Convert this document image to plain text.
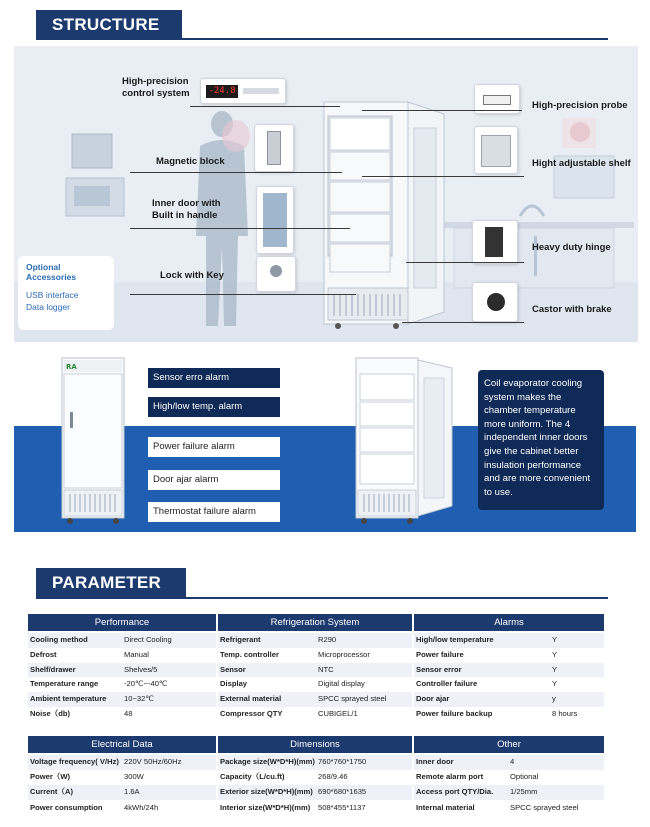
STRUCTURE
-24.8
High-precision
control system
Magnetic block
Inner door with
Built in handle
Lock with Key
High-precision probe
Hight adjustable shelf
Heavy duty hinge
Castor with brake
Optional Accessories
USB interface
Data logger
RA
Sensor erro alarm
High/low temp. alarm
Power failure alarm
Door ajar alarm
Thermostat failure alarm
Coil evaporator cooling system makes the chamber temperature more uniform. The 4 independent inner doors give the cabinet better insulation performance and are more convenient to use.
PARAMETER
Performance	Refrigeration System	Alarms
Cooling method	Direct Cooling
Defrost	Manual
Shelf/drawer	Shelves/5
Temperature range	-20℃~-40℃
Ambient temperature 10~32℃
Noise（db)	48
Refrigerant	R290
Temp. controller	Microprocessor
Sensor	NTC
Display	Digital display
External material	SPCC sprayed steel
Compressor QTY	CUBIGEL/1
High/low temperature	Y
Power failure	Y
Sensor error	Y
Controller failure	Y
Door ajar	y
Power failure backup	8 hours
Electrical Data	Dimensions	Other
Voltage frequency( V/Hz) 220V 50Hz/60Hz
Power（W)	300W
Current（A)	1.6A
Power consumption	4kWh/24h
Package size(W*D*H)(mm) 760*760*1750
Capacity（L/cu.ft)	268/9.46
Exterior size(W*D*H)(mm) 690*680*1635
Interior size(W*D*H)(mm) 508*455*1137
Inner door	4
Remote alarm port	Optional
Access port QTY/Dia. 1/25mm
Internal material	SPCC sprayed steel
